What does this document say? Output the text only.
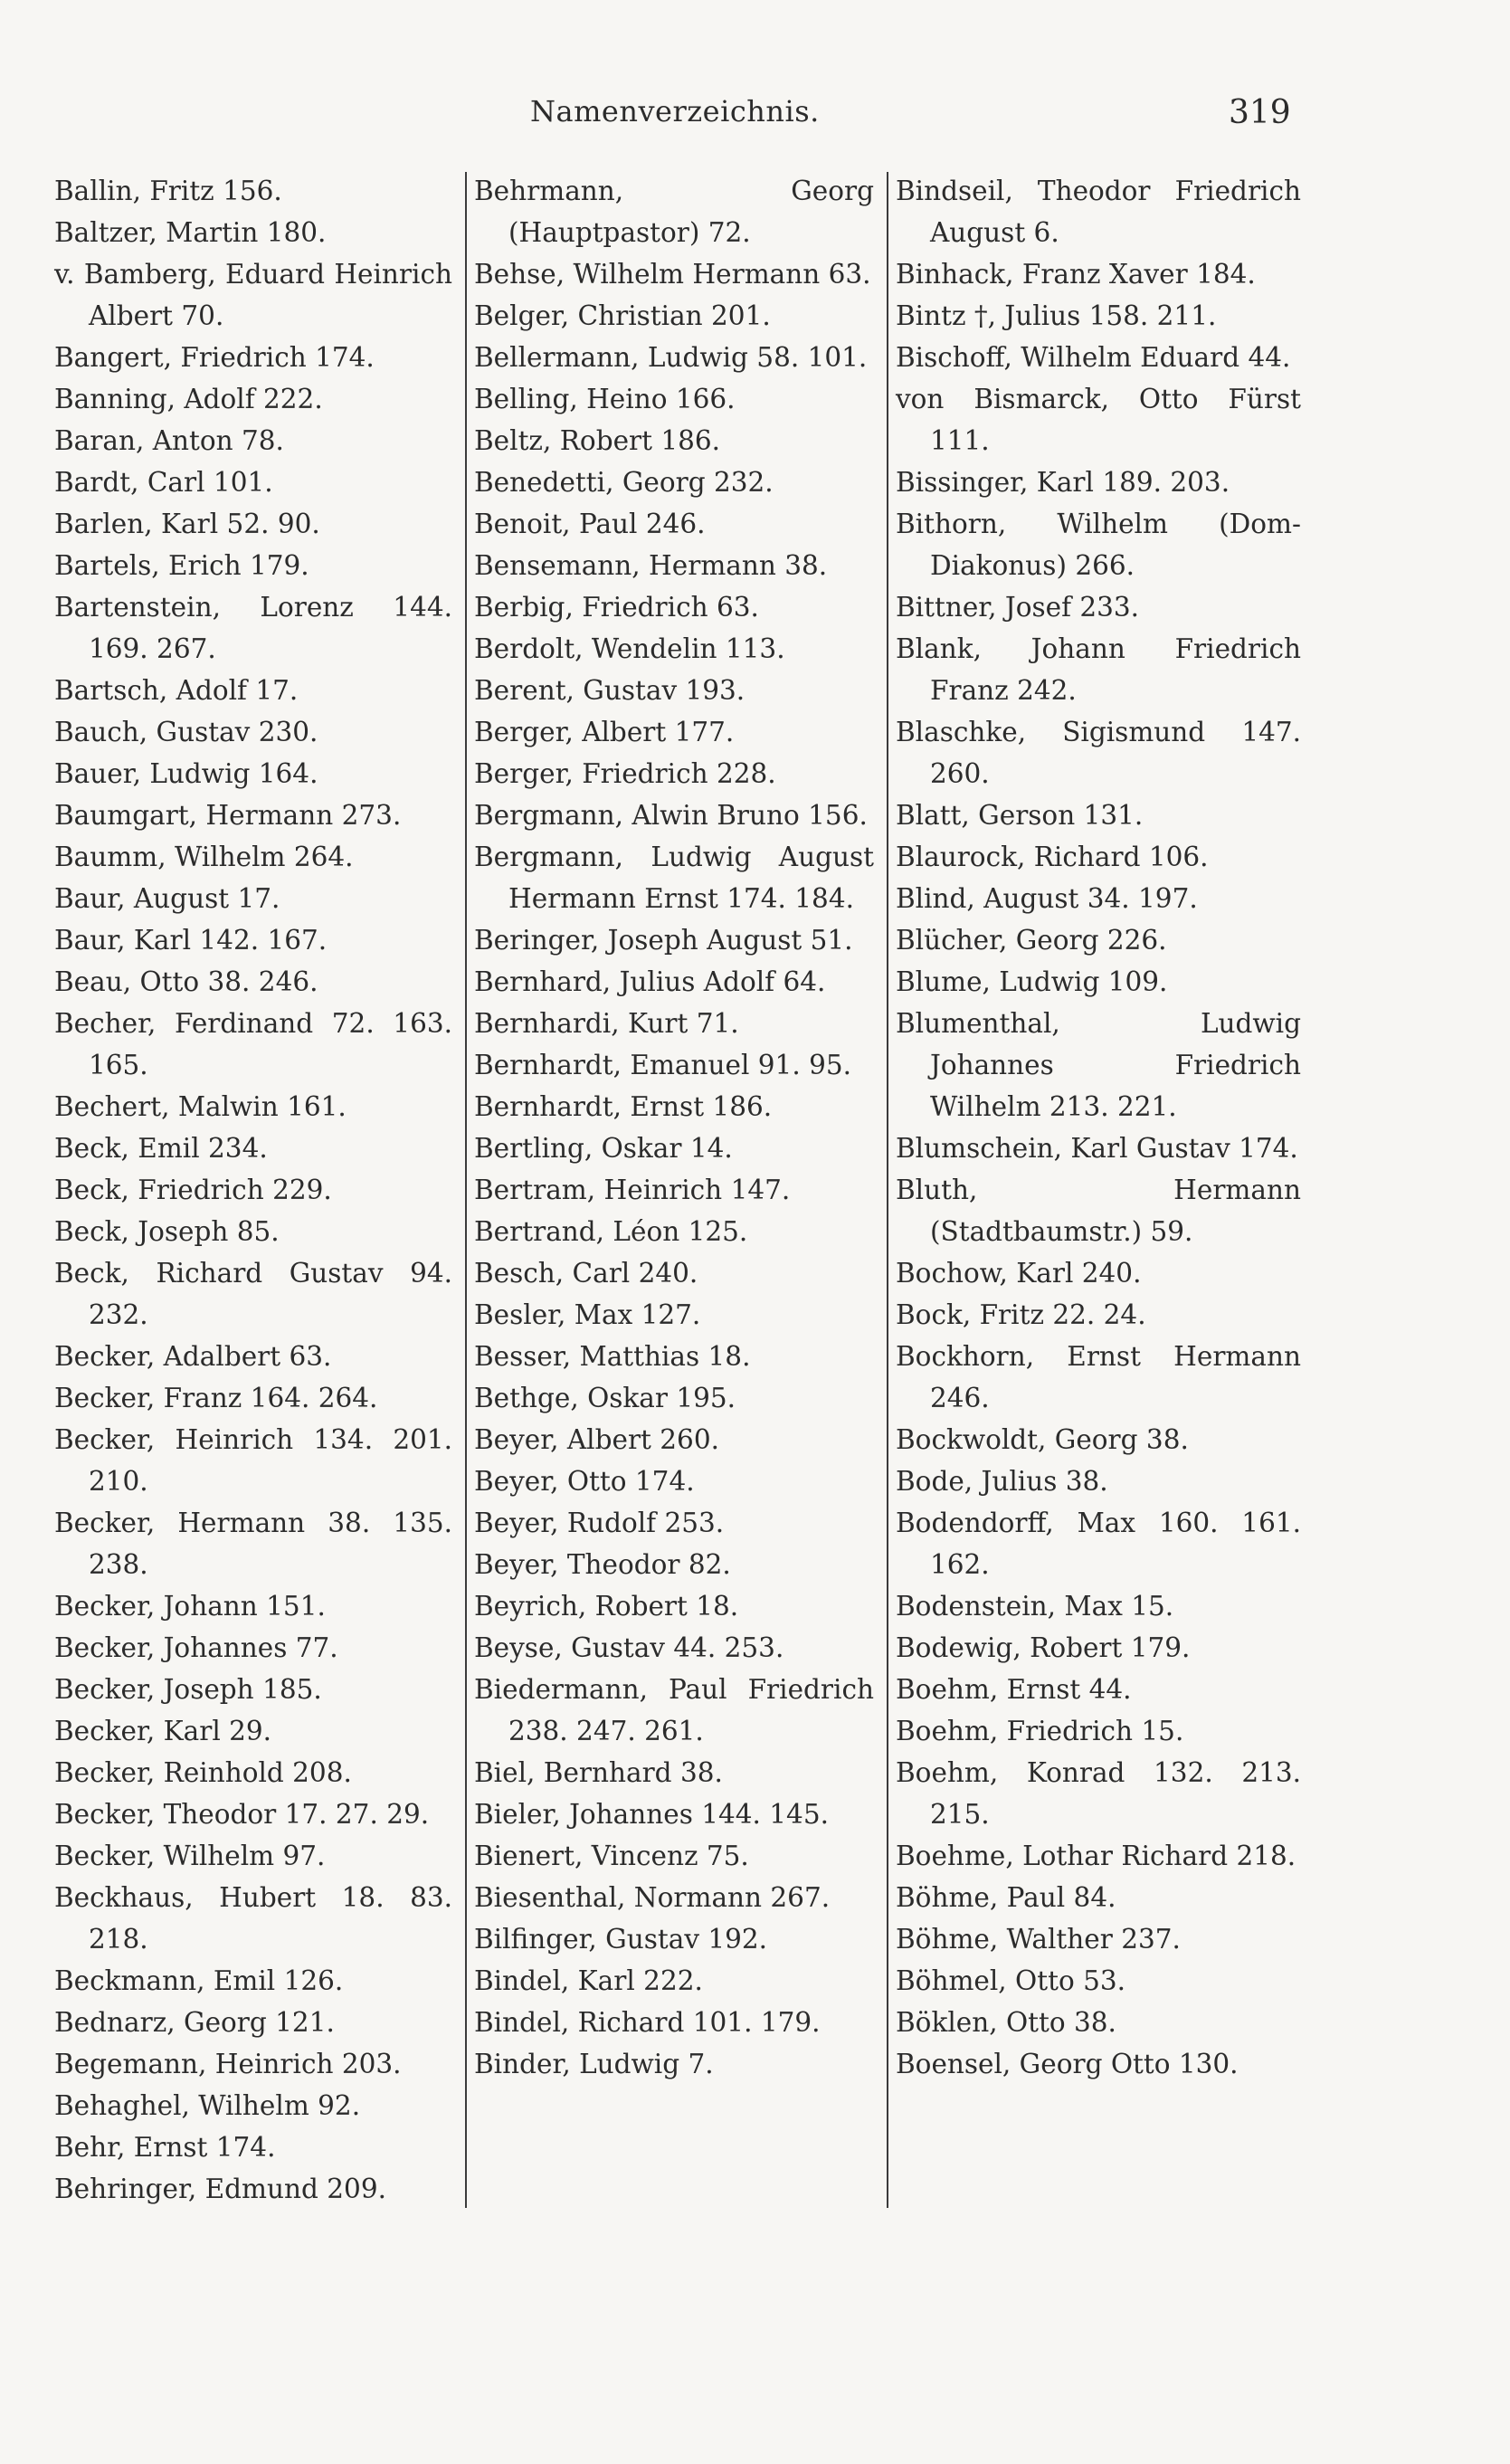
Namenverzeichnis.	319
Ballin, Fritz 156.
Baltzer, Martin 180.
v. Bamberg, Eduard Heinrich Albert 70.
Bangert, Friedrich 174.
Banning, Adolf 222.
Baran, Anton 78.
Bardt, Carl 101.
Barlen, Karl 52. 90.
Bartels, Erich 179.
Bartenstein, Lorenz 144. 169. 267.
Bartsch, Adolf 17.
Bauch, Gustav 230.
Bauer, Ludwig 164.
Baumgart, Hermann 273.
Baumm, Wilhelm 264.
Baur, August 17.
Baur, Karl 142. 167.
Beau, Otto 38. 246.
Becher, Ferdinand 72. 163. 165.
Bechert, Malwin 161.
Beck, Emil 234.
Beck, Friedrich 229.
Beck, Joseph 85.
Beck, Richard Gustav 94. 232.
Becker, Adalbert 63.
Becker, Franz 164. 264.
Becker, Heinrich 134. 201. 210.
Becker, Hermann 38. 135. 238.
Becker, Johann 151.
Becker, Johannes 77.
Becker, Joseph 185.
Becker, Karl 29.
Becker, Reinhold 208.
Becker, Theodor 17. 27. 29.
Becker, Wilhelm 97.
Beckhaus, Hubert 18. 83. 218.
Beckmann, Emil 126.
Bednarz, Georg 121.
Begemann, Heinrich 203.
Behaghel, Wilhelm 92.
Behr, Ernst 174.
Behringer, Edmund 209.
Behrmann, Georg (Hauptpastor) 72.
Behse, Wilhelm Hermann 63.
Belger, Christian 201.
Bellermann, Ludwig 58. 101.
Belling, Heino 166.
Beltz, Robert 186.
Benedetti, Georg 232.
Benoit, Paul 246.
Bensemann, Hermann 38.
Berbig, Friedrich 63.
Berdolt, Wendelin 113.
Berent, Gustav 193.
Berger, Albert 177.
Berger, Friedrich 228.
Bergmann, Alwin Bruno 156.
Bergmann, Ludwig August Hermann Ernst 174. 184.
Beringer, Joseph August 51.
Bernhard, Julius Adolf 64.
Bernhardi, Kurt 71.
Bernhardt, Emanuel 91. 95.
Bernhardt, Ernst 186.
Bertling, Oskar 14.
Bertram, Heinrich 147.
Bertrand, Léon 125.
Besch, Carl 240.
Besler, Max 127.
Besser, Matthias 18.
Bethge, Oskar 195.
Beyer, Albert 260.
Beyer, Otto 174.
Beyer, Rudolf 253.
Beyer, Theodor 82.
Beyrich, Robert 18.
Beyse, Gustav 44. 253.
Biedermann, Paul Friedrich 238. 247. 261.
Biel, Bernhard 38.
Bieler, Johannes 144. 145.
Bienert, Vincenz 75.
Biesenthal, Normann 267.
Bilfinger, Gustav 192.
Bindel, Karl 222.
Bindel, Richard 101. 179.
Binder, Ludwig 7.
Bindseil, Theodor Friedrich August 6.
Binhack, Franz Xaver 184.
Bintz †, Julius 158. 211.
Bischoff, Wilhelm Eduard 44.
von Bismarck, Otto Fürst 111.
Bissinger, Karl 189. 203.
Bithorn, Wilhelm (Dom-Diakonus) 266.
Bittner, Josef 233.
Blank, Johann Friedrich Franz 242.
Blaschke, Sigismund 147. 260.
Blatt, Gerson 131.
Blaurock, Richard 106.
Blind, August 34. 197.
Blücher, Georg 226.
Blume, Ludwig 109.
Blumenthal, Ludwig Johannes Friedrich Wilhelm 213. 221.
Blumschein, Karl Gustav 174.
Bluth, Hermann (Stadtbaumstr.) 59.
Bochow, Karl 240.
Bock, Fritz 22. 24.
Bockhorn, Ernst Hermann 246.
Bockwoldt, Georg 38.
Bode, Julius 38.
Bodendorff, Max 160. 161. 162.
Bodenstein, Max 15.
Bodewig, Robert 179.
Boehm, Ernst 44.
Boehm, Friedrich 15.
Boehm, Konrad 132. 213. 215.
Boehme, Lothar Richard 218.
Böhme, Paul 84.
Böhme, Walther 237.
Böhmel, Otto 53.
Böklen, Otto 38.
Boensel, Georg Otto 130.
